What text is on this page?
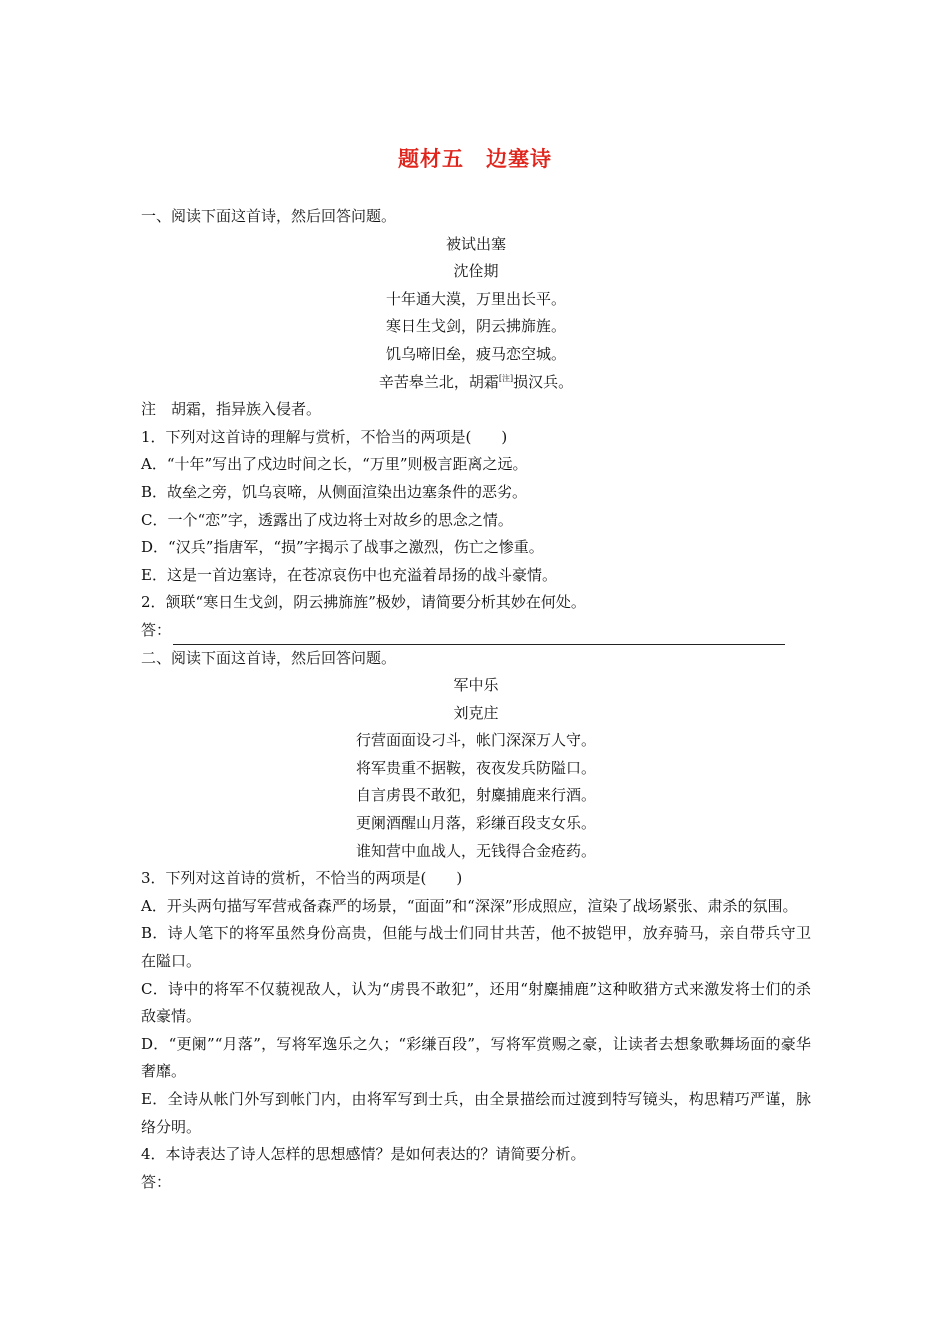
题材五 边塞诗
一、阅读下面这首诗，然后回答问题。
被试出塞
沈佺期
十年通大漠，万里出长平。
寒日生戈剑，阴云拂旆旌。
饥乌啼旧垒，疲马恋空城。
辛苦皋兰北，胡霜[注]损汉兵。
注　胡霜，指异族入侵者。
1．下列对这首诗的理解与赏析，不恰当的两项是(　　)
A．“十年”写出了戍边时间之长，“万里”则极言距离之远。
B．故垒之旁，饥乌哀啼，从侧面渲染出边塞条件的恶劣。
C．一个“恋”字，透露出了戍边将士对故乡的思念之情。
D．“汉兵”指唐军，“损”字揭示了战事之激烈，伤亡之惨重。
E．这是一首边塞诗，在苍凉哀伤中也充溢着昂扬的战斗豪情。
2．颔联“寒日生戈剑，阴云拂旆旌”极妙，请简要分析其妙在何处。
答：
二、阅读下面这首诗，然后回答问题。
军中乐
刘克庄
行营面面设刁斗，帐门深深万人守。
将军贵重不据鞍，夜夜发兵防隘口。
自言虏畏不敢犯，射麋捕鹿来行酒。
更阑酒醒山月落，彩缣百段支女乐。
谁知营中血战人，无钱得合金疮药。
3．下列对这首诗的赏析，不恰当的两项是(　　)
A．开头两句描写军营戒备森严的场景，“面面”和“深深”形成照应，渲染了战场紧张、肃杀的氛围。
B．诗人笔下的将军虽然身份高贵，但能与战士们同甘共苦，他不披铠甲，放弃骑马，亲自带兵守卫在隘口。
C．诗中的将军不仅藐视敌人，认为“虏畏不敢犯”，还用“射麋捕鹿”这种畋猎方式来激发将士们的杀敌豪情。
D．“更阑”“月落”，写将军逸乐之久；“彩缣百段”，写将军赏赐之豪，让读者去想象歌舞场面的豪华奢靡。
E．全诗从帐门外写到帐门内，由将军写到士兵，由全景描绘而过渡到特写镜头，构思精巧严谨，脉络分明。
4．本诗表达了诗人怎样的思想感情？是如何表达的？请简要分析。
答：
